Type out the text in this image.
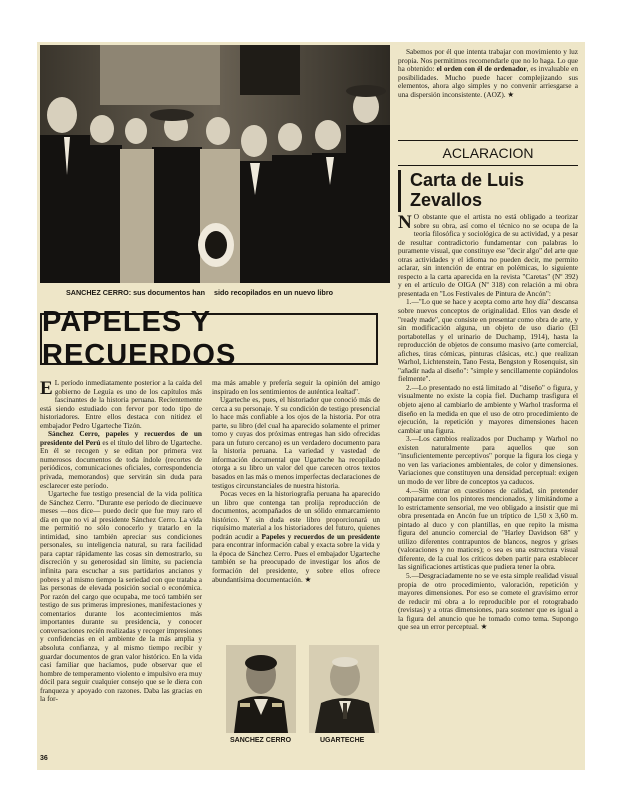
SANCHEZ CERRO: sus documentos han sido recopilados en un nuevo libro
PAPELES Y RECUERDOS

E L período inmediatamente posterior a la caída del gobierno de Leguía es uno de los capítulos más fascinantes de la historia peruana. Recientemente está siendo estudiado con fervor por todo tipo de historiadores. Entre ellos destaca con nitidez el embajador Pedro Ugarteche Tizón.

Sánchez Cerro, papeles y recuerdos de un presidente del Perú es el título del libro de Ugarteche. En él se recogen y se editan por primera vez numerosos documentos de toda índole (recortes de periódicos, comunicaciones oficiales, correspondencia privada, memorandos) que servirán sin duda para esclarecer este período.

Ugarteche fue testigo presencial de la vida política de Sánchez Cerro. "Durante ese período de diecinueve meses —nos dice— puedo decir que fue muy raro el día en que no vi al presidente Sánchez Cerro. La vida me permitió no sólo conocerlo y tratarlo en la intimidad, sino también apreciar sus condiciones personales, su inteligencia natural, su rara facilidad para captar rápidamente las cosas sin demostrarlo, su discreción y su generosidad sin límite, su paciencia infinita para escuchar a sus partidarios ancianos y pobres y al mismo tiempo la seriedad con que trataba a las personas de elevada posición social o económica. Por razón del cargo que ocupaba, me tocó también ser testigo de sus primeras impresiones, manifestaciones y comentarios durante los acontecimientos más importantes durante su presidencia, y conocer conversaciones recién realizadas y recoger impresiones y confidencias en el ambiente de la más amplia y absoluta confianza, y al mismo tiempo recibir y guardar documentos de gran valor histórico. En la vida casi familiar que hacíamos, pude observar que el hombre de temperamento violento e impulsivo era muy dócil para seguir cualquier consejo que se le diera con franqueza y apoyado con razones. Daba las gracias en la for-

ma más amable y prefería seguir la opinión del amigo inspirado en los sentimientos de auténtica lealtad".

Ugarteche es, pues, el historiador que conoció más de cerca a su personaje. Y su condición de testigo presencial lo hace más confiable a los ojos de la historia. Por otra parte, su libro (del cual ha aparecido solamente el primer tomo y cuyas dos próximas entregas han sido ofrecidas para un futuro cercano) es un verdadero documento para la historia peruana. La variedad y vastedad de información documental que Ugarteche ha recopilado otorga a su libro un valor del que carecen otros textos basados en las más o menos imperfectas declaraciones de testigos circunstanciales de nuestra historia.

Pocas veces en la historiografía peruana ha aparecido un libro que contenga tan prolija reproducción de documentos, acompañados de un sólido enmarcamiento histórico. Y sin duda este libro proporcionará un riquísimo material a los historiadores del futuro, quienes podrán acudir a Papeles y recuerdos de un presidente para encontrar información cabal y exacta sobre la vida y la época de Sánchez Cerro. Pues el embajador Ugarteche también se ha preocupado de investigar los años de formación del presidente, y sobre ellos ofrece abundantísima documentación. ★

SANCHEZ CERRO	UGARTECHE

Sabemos por él que intenta trabajar con movimiento y luz propia. Nos permitimos recomendarle que no lo haga. Lo que ha obtenido: el orden con él de ordenador, es invaluable en posibilidades. Mucho puede hacer complejizando sus elementos, ahora algo simples y no convenir arriesgarse a una dispersión inconsistente. (AOZ). ★

ACLARACION
Carta de Luis Zevallos

N O obstante que el artista no está obligado a teorizar sobre su obra, así como el técnico no se ocupa de la teoría filosófica y sociológica de su actividad, y a pesar de resultar contradictorio fundamentar con palabras lo puramente visual, que constituye ese "decir algo" del arte que otras actividades y el idioma no pueden decir, me permito aclarar, sin intención de entrar en polémicas, lo siguiente respecto a la carta aparecida en la revista "Caretas" (Nº 392) y en el artículo de OIGA (Nº 318) con relación a mi obra presentada en "Los Festivales de Pintura de Ancón":

1.—"Lo que se hace y acepta como arte hoy día" descansa sobre nuevos conceptos de originalidad. Ellos van desde el "ready made", que consiste en presentar como obra de arte, y sin modificación alguna, un objeto de uso diario (El portabotellas y el urinario de Duchamp, 1914), hasta la reproducción de objetos de consumo masivo (arte comercial, afiches, tiras cómicas, pinturas clásicas, etc.) que realizan Warhol, Lichtenstein, Tano Festa, Bengston y Rosenquist, sin "añadir nada al diseño": "simple y sencillamente copiándolos fielmente".

2.—Lo presentado no está limitado al "diseño" o figura, y visualmente no existe la copia fiel. Duchamp trasfigura el objeto ajeno al cambiarlo de ambiente y Warhol trasforma el diseño en la medida en que el uso de otro procedimiento de ejecución, la repetición y mayores dimensiones hacen cambiar una figura.

3.—Los cambios realizados por Duchamp y Warhol no existen naturalmente para aquellos que son "insuficientemente perceptivos" porque la figura los ciega y no ven las variaciones ambientales, de color y dimensiones. Variaciones que constituyen una densidad perceptual: exigen un modo de ver libre de conceptos ya caducos.

4.—Sin entrar en cuestiones de calidad, sin pretender compararme con los pintores mencionados, y limitándome a lo estrictamente sensorial, me veo obligado a insistir que mi obra presentada en Ancón fue un tríptico de 1,50 x 3,60 m. pintado al duco y con plantillas, en que repito la misma figura del anuncio comercial de "Harley Davidson 68" y utilizo diferentes contrapuntos de blancos, negros y grises (valoraciones y no matices); o sea es una estructura visual diferente, de la cual los críticos deben partir para establecer las significaciones artísticas que pudiera tener la obra.

5.—Desgraciadamente no se ve esta simple realidad visual propia de otro procedimiento, valoración, repetición y mayores dimensiones. Por eso se comete el gravísimo error de reducir mi obra a lo reproducible por el rotograbado (revistas) y a otras dimensiones, para sostener que es igual a la figura del anuncio que he tomado como tema. Supongo que sea un error perceptual. ★

36
